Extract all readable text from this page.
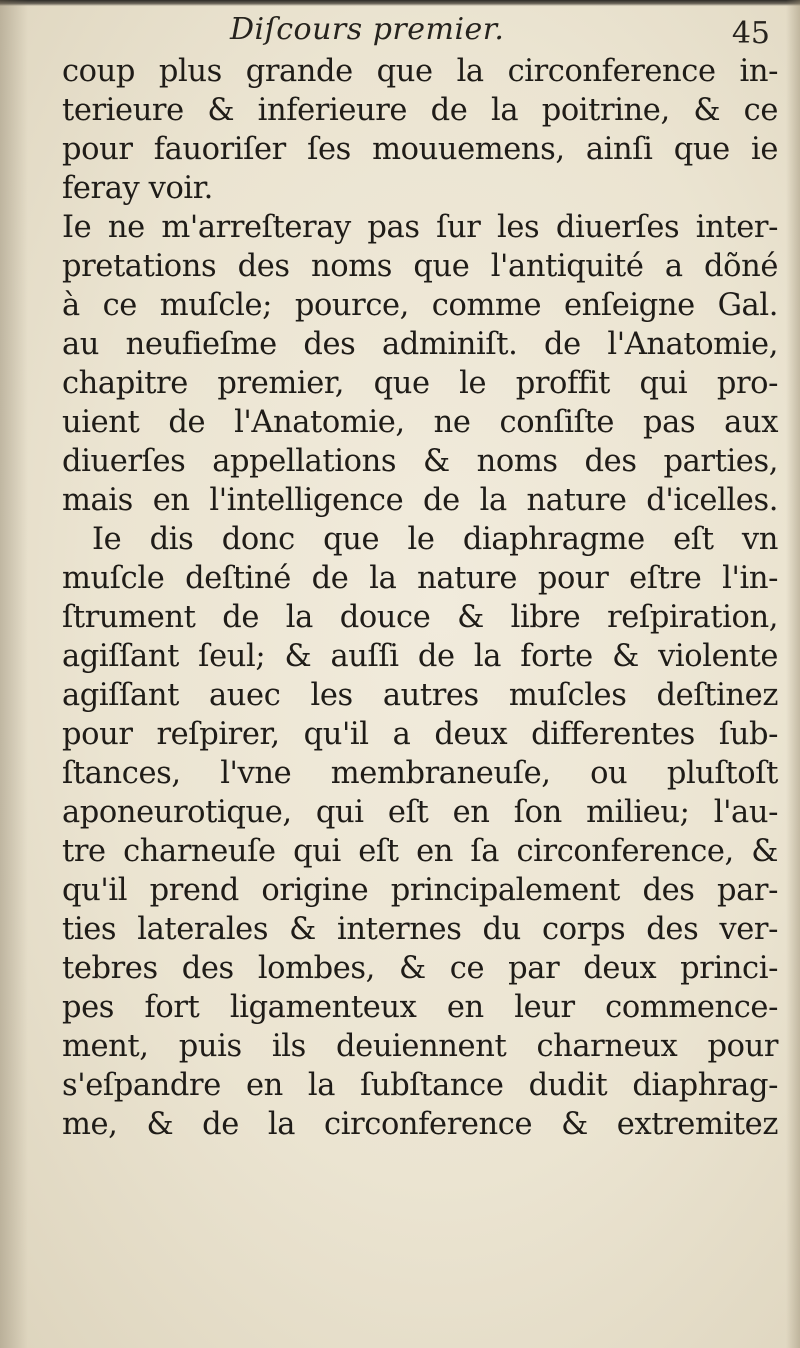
Diſcours premier.	45
coup plus grande que la circonference in-
terieure & inferieure de la poitrine, & ce
pour fauoriſer ſes mouuemens, ainſi que ie
feray voir.
Ie ne m'arreſteray pas ſur les diuerſes inter-
pretations des noms que l'antiquité a dõné
à ce muſcle; pource, comme enſeigne Gal.
au neufieſme des adminiſt. de l'Anatomie,
chapitre premier, que le proffit qui pro-
uient de l'Anatomie, ne conſiſte pas aux
diuerſes appellations & noms des parties,
mais en l'intelligence de la nature d'icelles.
Ie dis donc que le diaphragme eſt vn
muſcle deſtiné de la nature pour eſtre l'in-
ſtrument de la douce & libre reſpiration,
agiſſant ſeul; & auſſi de la forte & violente
agiſſant auec les autres muſcles deſtinez
pour reſpirer, qu'il a deux differentes ſub-
ſtances, l'vne membraneuſe, ou pluſtoſt
aponeurotique, qui eſt en ſon milieu; l'au-
tre charneuſe qui eſt en ſa circonference, &
qu'il prend origine principalement des par-
ties laterales & internes du corps des ver-
tebres des lombes, & ce par deux princi-
pes fort ligamenteux en leur commence-
ment, puis ils deuiennent charneux pour
s'eſpandre en la ſubſtance dudit diaphrag-
me, & de la circonference & extremitez
